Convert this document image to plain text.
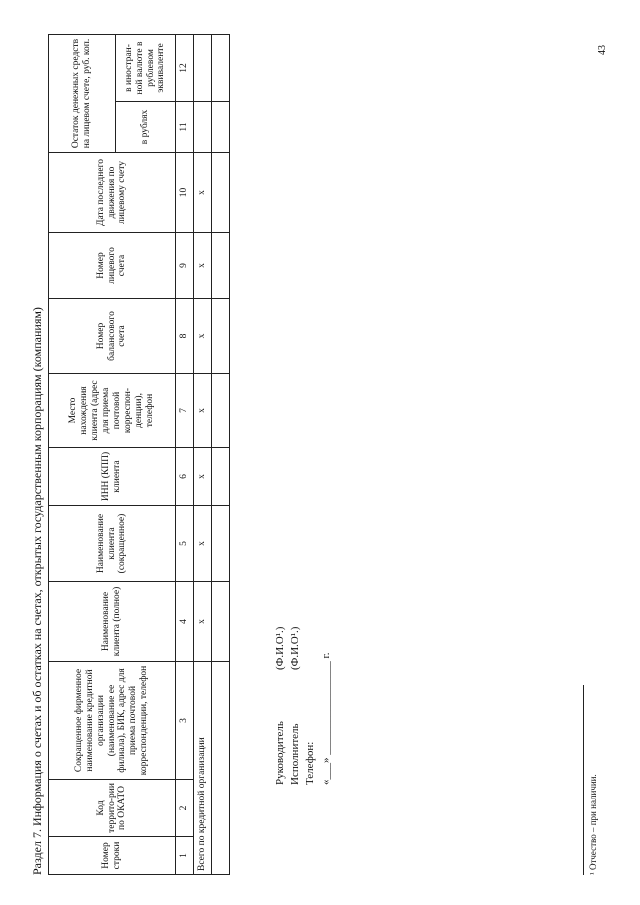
Раздел 7. Информация о счетах и об остатках на счетах, открытых государственным корпорациям (компаниям)	Номер строки	Код террито-рии по ОКАТО	Сокращенное фирменное наименование кредитной организации (наименование ее филиала), БИК, адрес для приема почтовой корреспонденции, телефон	Наименование клиента (полное)	Наименование клиента (сокращенное)	ИНН (КПП) клиента	Место нахождения клиента (адрес для приема почтовой корреспон-денции), телефон	Номер балансового счета	Номер лицевого счета	Дата последнего движения по лицевому счету	Остаток денежных средств на лицевом счете, руб. коп.	
										в рублях	в иностран-ной валюте в рублевом эквиваленте
1	2	3	4	5	6	7	8	9	10	11	12
Всего по кредитной организации			x	x	x	x	x	x	x		

Руководитель
(Ф.И.О¹.)
Исполнитель
(Ф.И.О¹.)
Телефон: «___» _________________ г.
¹ Отчество – при наличии.
43
